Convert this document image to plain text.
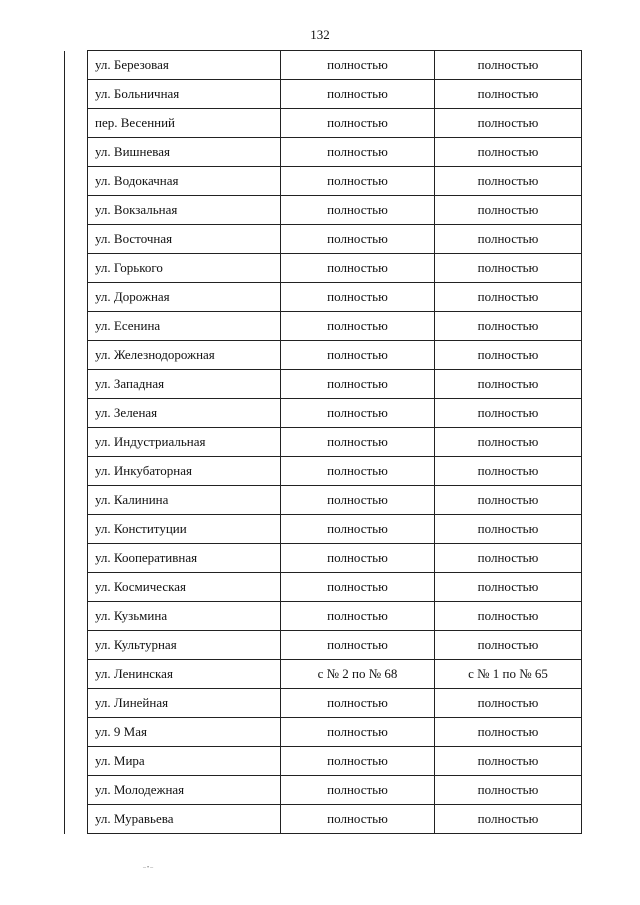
132
	ул. Березовая	полностью	полностью
	ул. Больничная	полностью	полностью
	пер. Весенний	полностью	полностью
	ул. Вишневая	полностью	полностью
	ул. Водокачная	полностью	полностью
	ул. Вокзальная	полностью	полностью
	ул. Восточная	полностью	полностью
	ул. Горького	полностью	полностью
	ул. Дорожная	полностью	полностью
	ул. Есенина	полностью	полностью
	ул. Железнодорожная	полностью	полностью
	ул. Западная	полностью	полностью
	ул. Зеленая	полностью	полностью
	ул. Индустриальная	полностью	полностью
	ул. Инкубаторная	полностью	полностью
	ул. Калинина	полностью	полностью
	ул. Конституции	полностью	полностью
	ул. Кооперативная	полностью	полностью
	ул. Космическая	полностью	полностью
	ул. Кузьмина	полностью	полностью
	ул. Культурная	полностью	полностью
	ул. Ленинская	с № 2 по № 68	с № 1 по № 65
	ул. Линейная	полностью	полностью
	ул. 9 Мая	полностью	полностью
	ул. Мира	полностью	полностью
	ул. Молодежная	полностью	полностью
	ул. Муравьева	полностью	полностью
–•–
